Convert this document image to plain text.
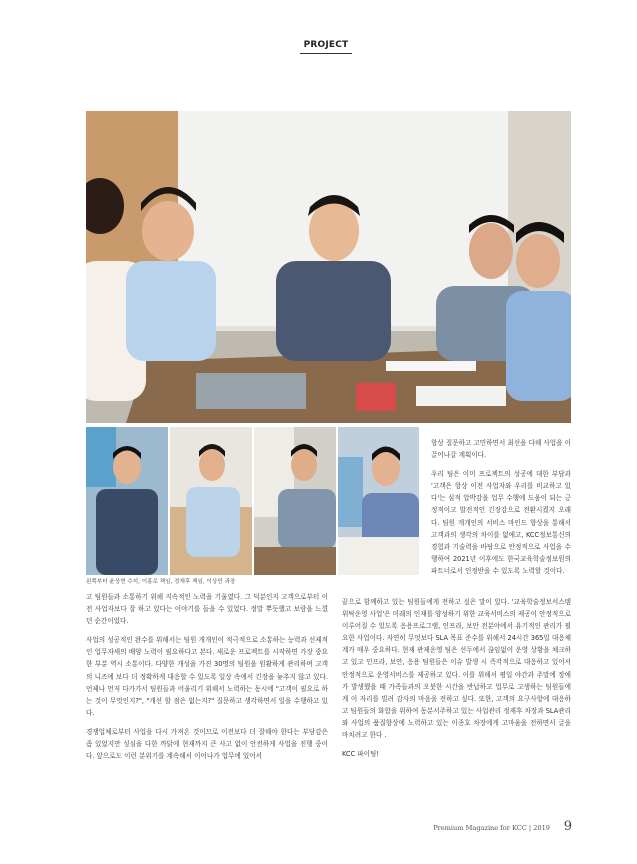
PROJECT
왼쪽부터 윤상현 수석, 이홍로 책임, 정재후 책임, 이상민 과장

항상 질문하고 고민하면서 최선을 다해 사업을 이끌어나갈 계획이다.

우리 팀은 이미 프로젝트의 성공에 대한 부담과 '고객은 항상 이전 사업자와 우리를 비교하고 있다'는 심적 압박감을 업무 수행에 도움이 되는 긍정적이고 발전적인 긴장감으로 전환시켰지 오래다. 팀원 개개인의 서비스 마인드 향상을 통해서 고객과의 생각의 차이를 없애고, KCC정보통신의 경험과 기술력을 바탕으로 안정적으로 사업을 수행하여 2021년 이후에도 한국교육학술정보원의 파트너로서 인정받을 수 있도록 노력할 것이다.

고 팀원들과 소통하기 위해 지속적인 노력을 기울였다. 그 덕분인지 고객으로부터 이전 사업자보다 잘 하고 있다는 이야기를 들을 수 있었다. 정말 뿌듯했고 보람을 느꼈던 순간이었다.

사업의 성공적인 완수를 위해서는 팀원 개개인이 적극적으로 소통하는 능력과 선제적인 업무자세의 배양 노력이 필요하다고 본다. 새로운 프로젝트를 시작하면 가장 중요한 부분 역시 소통이다. 다양한 개성을 가진 30명의 팀원을 원활하게 관리하며 고객의 니즈에 보다 더 정확하게 대응할 수 있도록 일상 속에서 긴장을 늦추지 않고 있다. 언제나 먼저 다가가서 팀원들과 어울리기 위해서 노력하는 동시에 "고객이 필요로 하는 것이 무엇인지?", "개선 할 점은 없는지?" 질문하고 생각하면서 일을 수행하고 있다.

경쟁업체로부터 사업을 다시 가져온 것이므로 이전보다 더 잘해야 한다는 부담감은 좀 있었지만 성심을 다한 까닭에 현재까지 큰 사고 없이 안전하게 사업을 진행 중이다. 앞으로도 이런 분위기를 계속해서 이어나가 업무에 있어서

끝으로 함께하고 있는 팀원들에게 전하고 싶은 말이 있다. '교육학술정보서스템 위탁운영 사업'은 미래의 인재를 양성하기 위한 교육서비스의 제공이 안정적으로 이루어질 수 있도록 응용프로그램, 인프라, 보안 전분야에서 유기적인 관리가 필요한 사업이다. 자연히 무엇보다 SLA 목표 준수를 위해서 24시간 365일 대응체계가 매우 중요하다. 현재 관제운영 팀은 선두에서 끊임없이 운영 상황을 체크하고 있고 인프라, 보안, 응용 팀원들은 이슈 발생 시 즉각적으로 대응하고 있어서 안정적으로 운영서비스를 제공하고 있다. 이를 위해서 평일 야간과 주말에 장애가 발생했을 때 가족들과의 오붓한 시간을 반납하고 업무로 고생하는 팀원들에게 이 자리를 빌려 감사의 마음을 전하고 싶다. 또한, 고객의 요구사항에 대응하고 팀원들의 화합을 위하여 동분서주하고 있는 사업관리 정재후 차장과 SLA관리와 사업의 품질향상에 노력하고 있는 이종호 차장에게 고마움을 전하면서 글을 마치려고 한다 .

KCC 파이팅!

Premium Magazine for KCC | 2019 9
